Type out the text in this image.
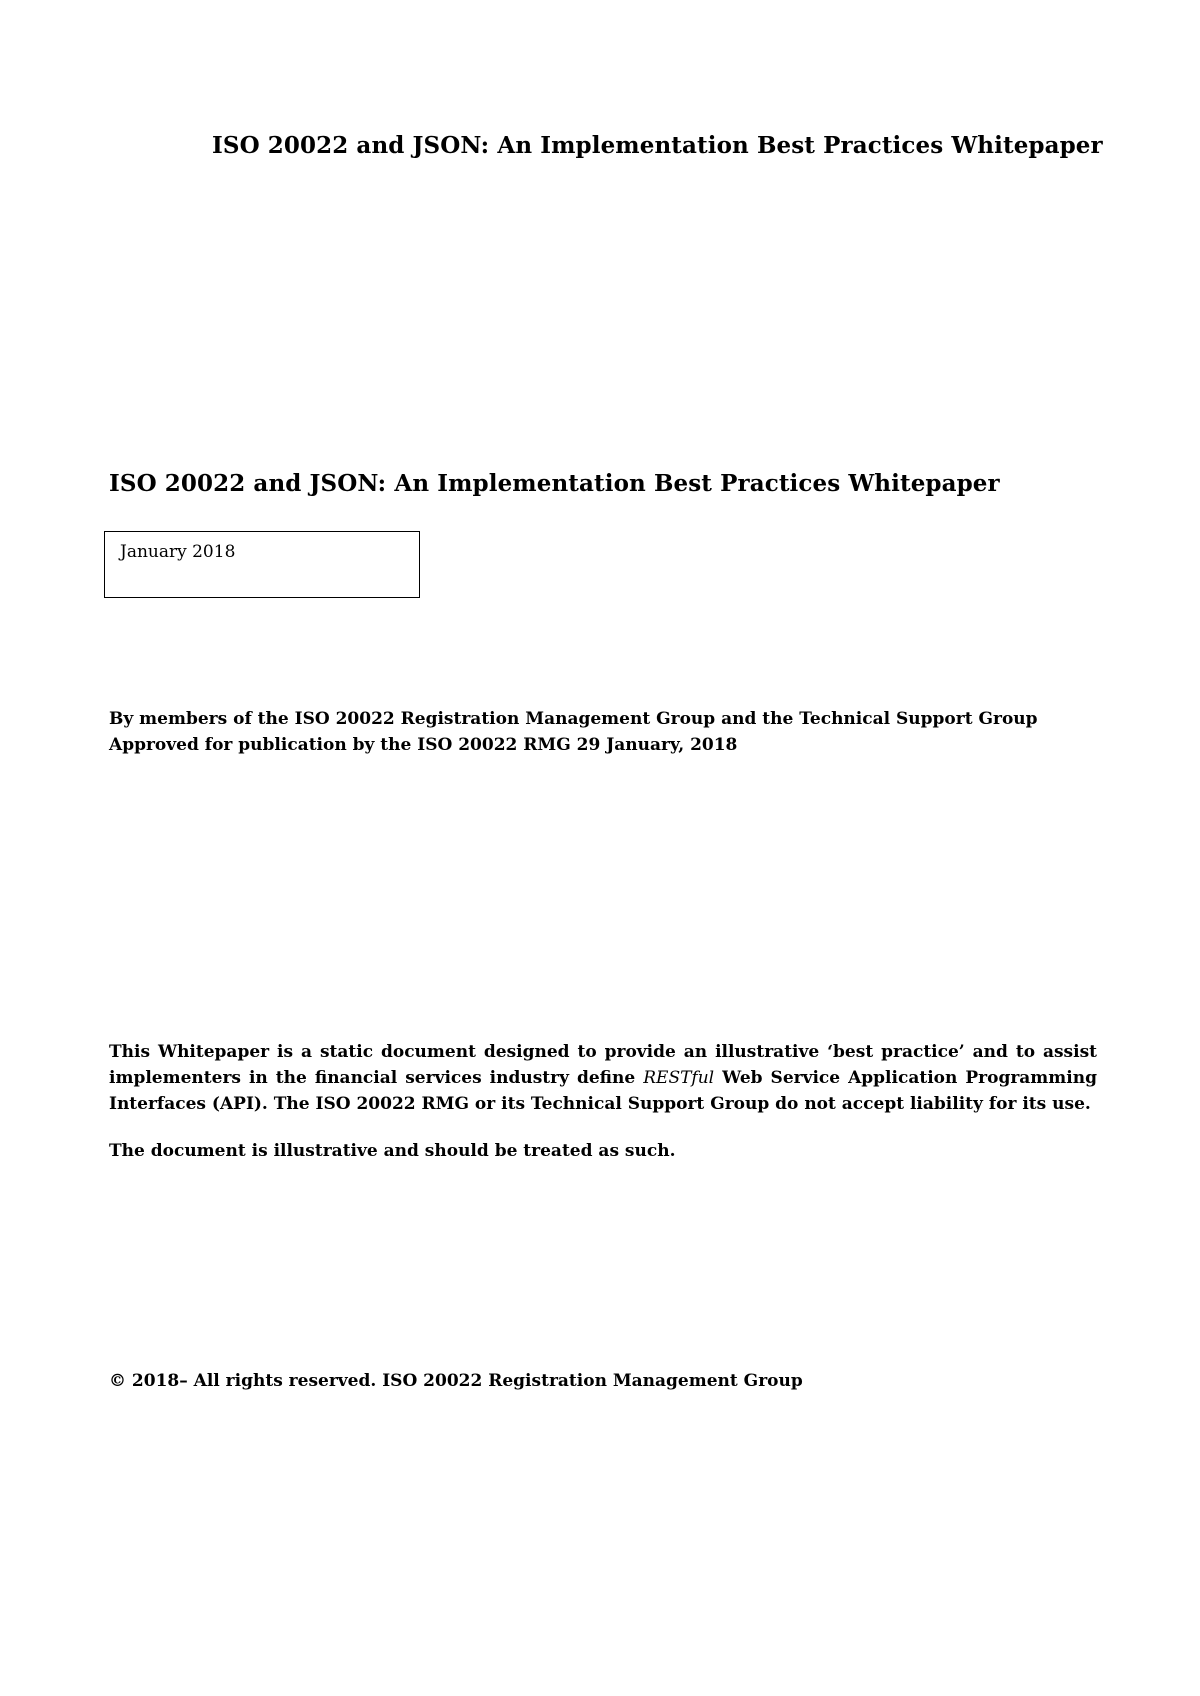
ISO 20022 and JSON: An Implementation Best Practices Whitepaper
ISO 20022 and JSON: An Implementation Best Practices Whitepaper
January 2018
By members of the ISO 20022 Registration Management Group and the Technical Support Group
Approved for publication by the ISO 20022 RMG 29 January, 2018
This Whitepaper is a static document designed to provide an illustrative ‘best practice’ and to assist implementers in the financial services industry define RESTful Web Service Application Programming Interfaces (API). The ISO 20022 RMG or its Technical Support Group do not accept liability for its use.
The document is illustrative and should be treated as such.
© 2018– All rights reserved. ISO 20022 Registration Management Group
